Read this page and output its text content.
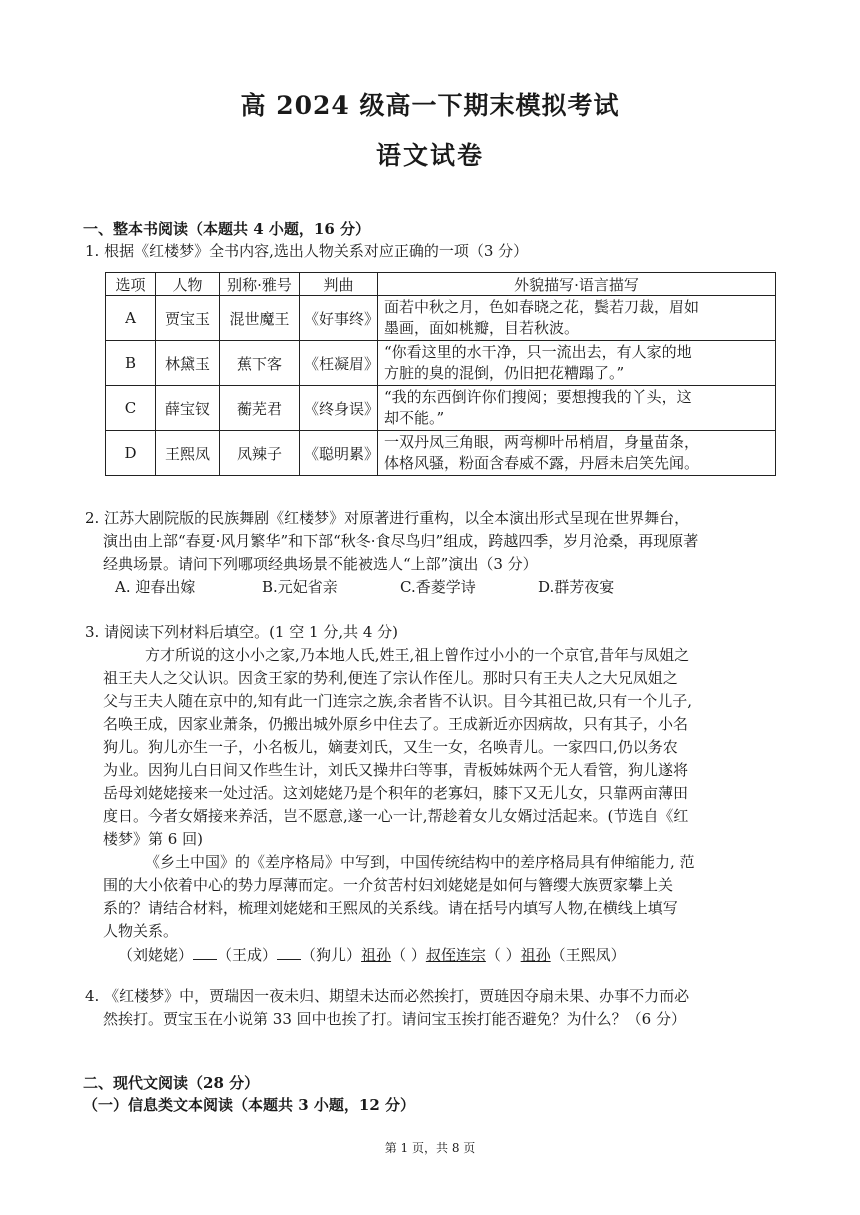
高 2024 级高一下期末模拟考试
语文试卷
一、整本书阅读（本题共 4 小题，16 分）
1. 根据《红楼梦》全书内容,选出人物关系对应正确的一项（3 分）
选项	人物	别称·雅号	判曲	外貌描写·语言描写
A	贾宝玉	混世魔王	《好事终》	面若中秋之月，色如春晓之花，鬓若刀裁，眉如
墨画，面如桃瓣，目若秋波。
B	林黛玉	蕉下客	《枉凝眉》	“你看这里的水干净，只一流出去，有人家的地
方脏的臭的混倒，仍旧把花糟蹋了。”
C	薛宝钗	蘅芜君	《终身误》	“我的东西倒许你们搜阅；要想搜我的丫头，这
却不能。”
D	王熙凤	凤辣子	《聪明累》	一双丹凤三角眼，两弯柳叶吊梢眉，身量苗条，
体格风骚，粉面含春威不露，丹唇未启笑先闻。
2. 江苏大剧院版的民族舞剧《红楼梦》对原著进行重构，以全本演出形式呈现在世界舞台，
演出由上部“春夏·风月繁华”和下部“秋冬·食尽鸟归”组成，跨越四季，岁月沧桑，再现原著
经典场景。请问下列哪项经典场景不能被选人“上部”演出（3 分）
A. 迎春出嫁	B.元妃省亲	C.香菱学诗	D.群芳夜宴
3. 请阅读下列材料后填空。(1 空 1 分,共 4 分)
方才所说的这小小之家,乃本地人氏,姓王,祖上曾作过小小的一个京官,昔年与凤姐之
祖王夫人之父认识。因贪王家的势利,便连了宗认作侄儿。那时只有王夫人之大兄凤姐之
父与王夫人随在京中的,知有此一门连宗之族,余者皆不认识。目今其祖已故,只有一个儿子,
名唤王成，因家业萧条，仍搬出城外原乡中住去了。王成新近亦因病故，只有其子，小名
狗儿。狗儿亦生一子，小名板儿，嫡妻刘氏，又生一女，名唤青儿。一家四口,仍以务农
为业。因狗儿白日间又作些生计，刘氏又操井臼等事，青板姊妹两个无人看管，狗儿遂将
岳母刘姥姥接来一处过活。这刘姥姥乃是个积年的老寡妇，膝下又无儿女，只靠两亩薄田
度日。今者女婿接来养活，岂不愿意,遂一心一计,帮趁着女儿女婿过活起来。(节选自《红
楼梦》第 6 回)
《乡土中国》的《差序格局》中写到，中国传统结构中的差序格局具有伸缩能力, 范
围的大小依着中心的势力厚薄而定。一介贫苦村妇刘姥姥是如何与簪缨大族贾家攀上关
系的？请结合材料，梳理刘姥姥和王熙凤的关系线。请在括号内填写人物,在横线上填写
人物关系。
（刘姥姥） （王成） （狗儿）祖孙（ ）叔侄连宗（ ）祖孙（王熙凤）
4. 《红楼梦》中，贾瑞因一夜未归、期望未达而必然挨打，贾琏因夺扇未果、办事不力而必
然挨打。贾宝玉在小说第 33 回中也挨了打。请问宝玉挨打能否避免？为什么？（6 分）
二、现代文阅读（28 分）
（一）信息类文本阅读（本题共 3 小题，12 分）
第 1 页，共 8 页
